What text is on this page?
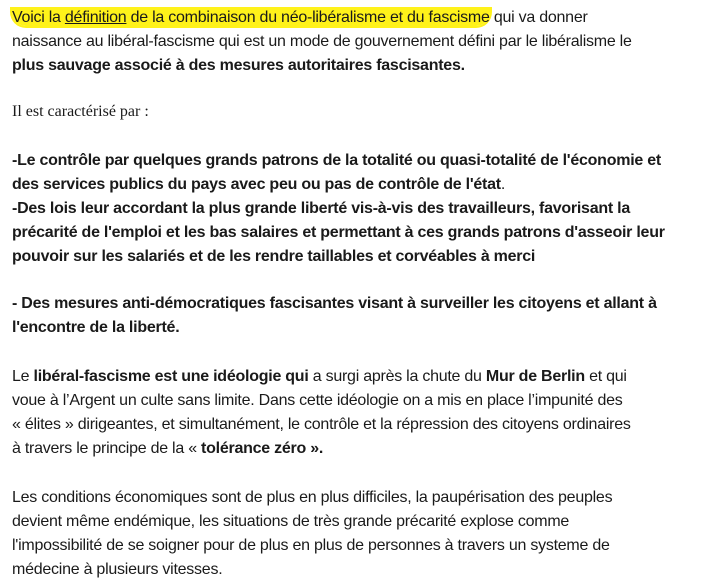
Voici la définition de la combinaison du néo-libéralisme et du fascisme qui va donner
naissance au libéral-fascisme qui est un mode de gouvernement défini par le libéralisme le
plus sauvage associé à des mesures autoritaires fascisantes.
Il est caractérisé par :
-Le contrôle par quelques grands patrons de la totalité ou quasi-totalité de l'économie et
des services publics du pays avec peu ou pas de contrôle de l'état.
-Des lois leur accordant la plus grande liberté vis-à-vis des travailleurs, favorisant la
précarité de l'emploi et les bas salaires et permettant à ces grands patrons d'asseoir leur
pouvoir sur les salariés et de les rendre taillables et corvéables à merci
- Des mesures anti-démocratiques fascisantes visant à surveiller les citoyens et allant à
l'encontre de la liberté.
Le libéral-fascisme est une idéologie qui a surgi après la chute du Mur de Berlin et qui
voue à l’Argent un culte sans limite. Dans cette idéologie on a mis en place l’impunité des
« élites » dirigeantes, et simultanément, le contrôle et la répression des citoyens ordinaires
à travers le principe de la « tolérance zéro ».
Les conditions économiques sont de plus en plus difficiles, la paupérisation des peuples
devient même endémique, les situations de très grande précarité explose comme
l'impossibilité de se soigner pour de plus en plus de personnes à travers un systeme de
médecine à plusieurs vitesses.
